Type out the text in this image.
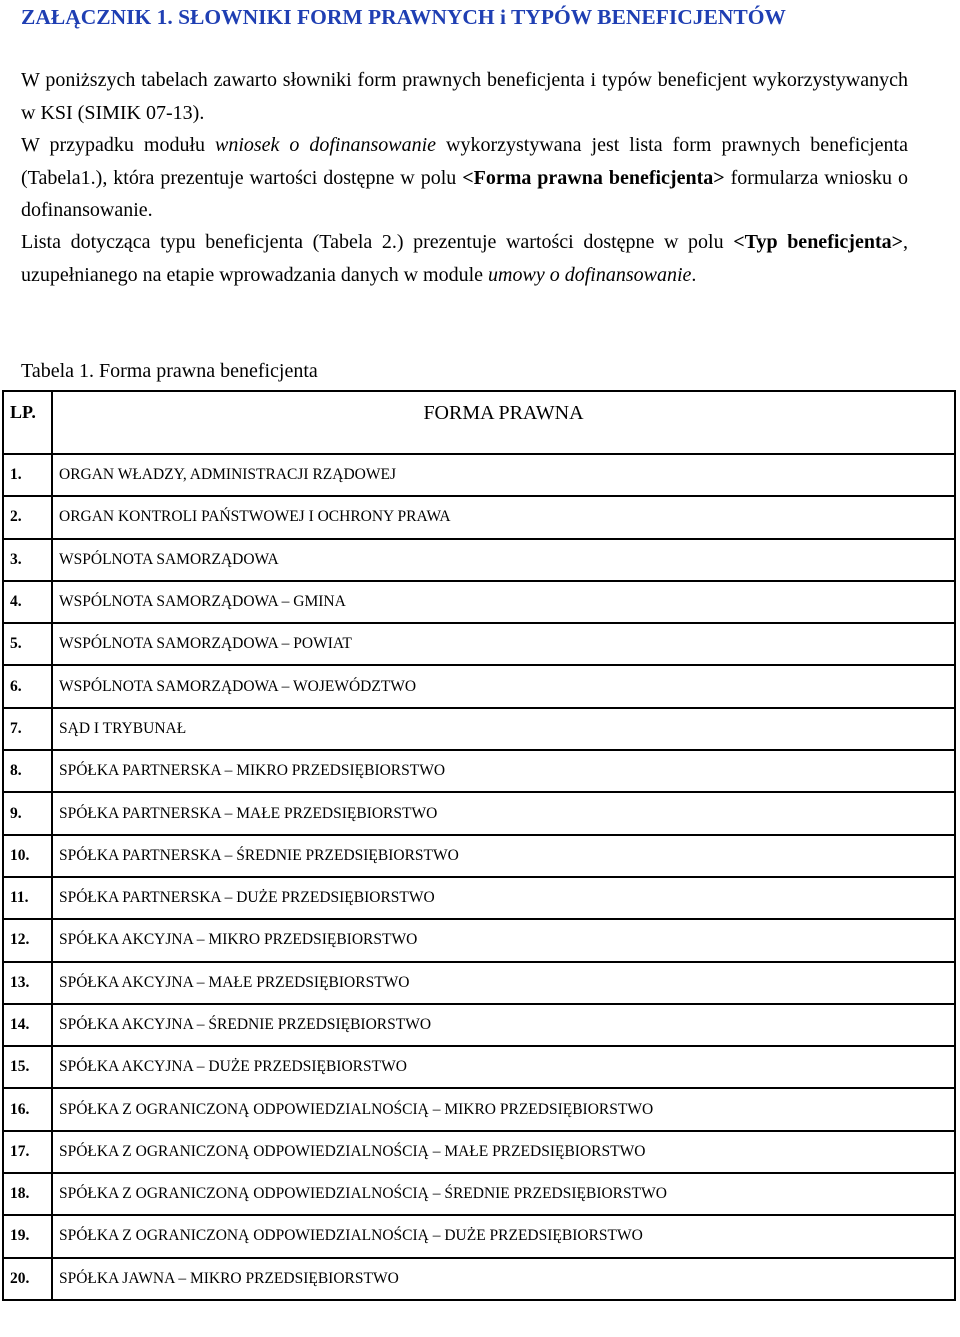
ZAŁĄCZNIK 1. SŁOWNIKI FORM PRAWNYCH i TYPÓW BENEFICJENTÓW

W poniższych tabelach zawarto słowniki form prawnych beneficjenta i typów beneficjent wykorzystywanych w KSI (SIMIK 07-13).

W przypadku modułu wniosek o dofinansowanie wykorzystywana jest lista form prawnych beneficjenta (Tabela1.), która prezentuje wartości dostępne w polu <Forma prawna beneficjenta> formularza wniosku o dofinansowanie.

Lista dotycząca typu beneficjenta (Tabela 2.) prezentuje wartości dostępne w polu <Typ beneficjenta>, uzupełnianego na etapie wprowadzania danych w module umowy o dofinansowanie.

Tabela 1. Forma prawna beneficjenta
LP.	FORMA PRAWNA
1.	ORGAN WŁADZY, ADMINISTRACJI RZĄDOWEJ
2.	ORGAN KONTROLI PAŃSTWOWEJ I OCHRONY PRAWA
3.	WSPÓLNOTA SAMORZĄDOWA
4.	WSPÓLNOTA SAMORZĄDOWA – GMINA
5.	WSPÓLNOTA SAMORZĄDOWA – POWIAT
6.	WSPÓLNOTA SAMORZĄDOWA – WOJEWÓDZTWO
7.	SĄD I TRYBUNAŁ
8.	SPÓŁKA PARTNERSKA – MIKRO PRZEDSIĘBIORSTWO
9.	SPÓŁKA PARTNERSKA – MAŁE PRZEDSIĘBIORSTWO
10.	SPÓŁKA PARTNERSKA – ŚREDNIE PRZEDSIĘBIORSTWO
11.	SPÓŁKA PARTNERSKA – DUŻE PRZEDSIĘBIORSTWO
12.	SPÓŁKA AKCYJNA – MIKRO PRZEDSIĘBIORSTWO
13.	SPÓŁKA AKCYJNA – MAŁE PRZEDSIĘBIORSTWO
14.	SPÓŁKA AKCYJNA – ŚREDNIE PRZEDSIĘBIORSTWO
15.	SPÓŁKA AKCYJNA – DUŻE PRZEDSIĘBIORSTWO
16.	SPÓŁKA Z OGRANICZONĄ ODPOWIEDZIALNOŚCIĄ – MIKRO PRZEDSIĘBIORSTWO
17.	SPÓŁKA Z OGRANICZONĄ ODPOWIEDZIALNOŚCIĄ – MAŁE PRZEDSIĘBIORSTWO
18.	SPÓŁKA Z OGRANICZONĄ ODPOWIEDZIALNOŚCIĄ – ŚREDNIE PRZEDSIĘBIORSTWO
19.	SPÓŁKA Z OGRANICZONĄ ODPOWIEDZIALNOŚCIĄ – DUŻE PRZEDSIĘBIORSTWO
20.	SPÓŁKA JAWNA – MIKRO PRZEDSIĘBIORSTWO
